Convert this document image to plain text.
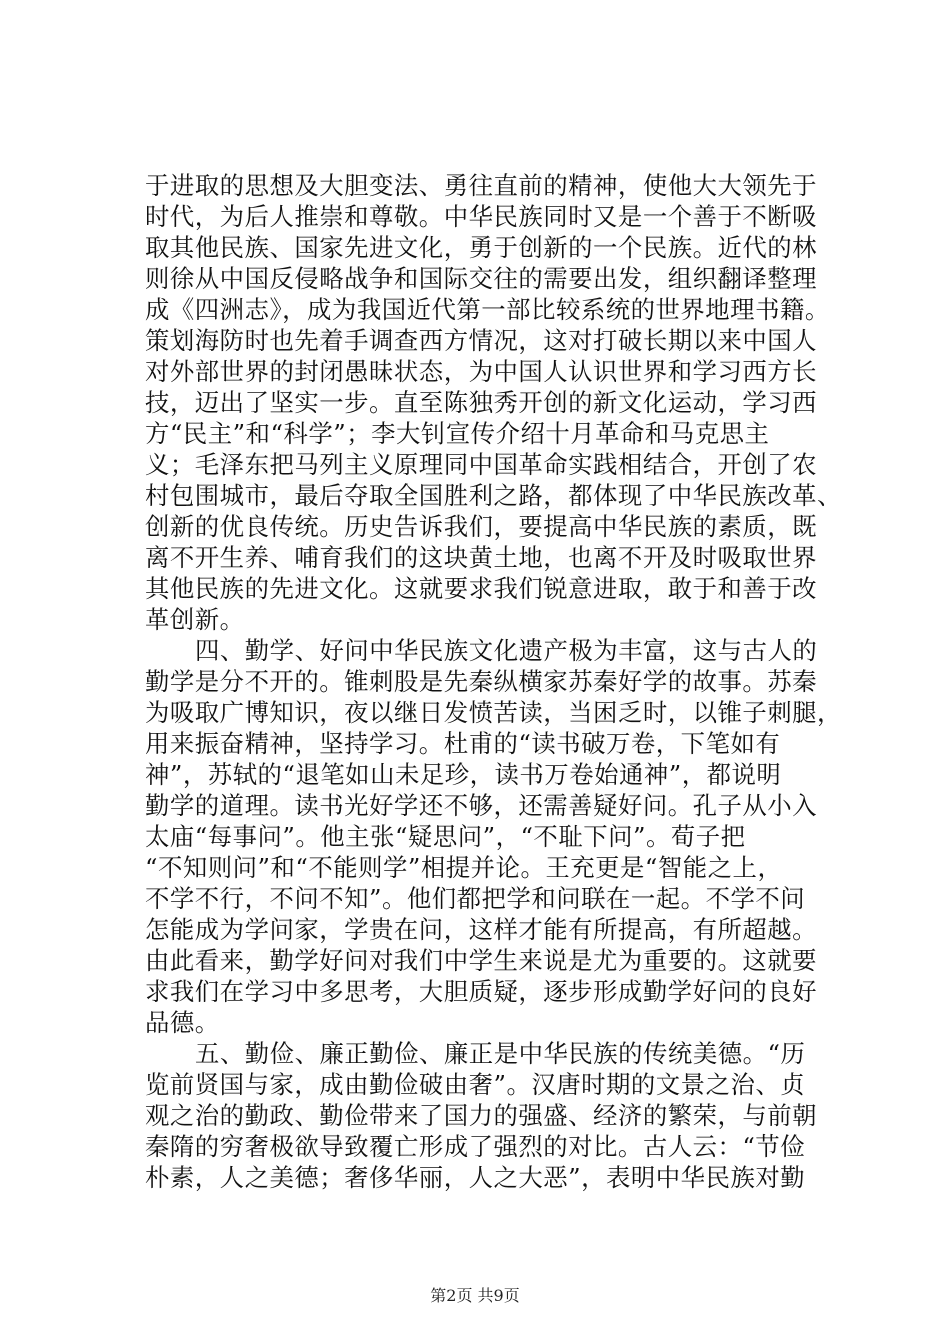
于进取的思想及大胆变法、勇往直前的精神，使他大大领先于
时代，为后人推崇和尊敬。中华民族同时又是一个善于不断吸
取其他民族、国家先进文化，勇于创新的一个民族。近代的林
则徐从中国反侵略战争和国际交往的需要出发，组织翻译整理
成《四洲志》，成为我国近代第一部比较系统的世界地理书籍。
策划海防时也先着手调查西方情况，这对打破长期以来中国人
对外部世界的封闭愚昧状态，为中国人认识世界和学习西方长
技，迈出了坚实一步。直至陈独秀开创的新文化运动，学习西
方“民主”和“科学”；李大钊宣传介绍十月革命和马克思主
义；毛泽东把马列主义原理同中国革命实践相结合，开创了农
村包围城市，最后夺取全国胜利之路，都体现了中华民族改革、
创新的优良传统。历史告诉我们，要提高中华民族的素质，既
离不开生养、哺育我们的这块黄土地，也离不开及时吸取世界
其他民族的先进文化。这就要求我们锐意进取，敢于和善于改
革创新。
四、勤学、好问中华民族文化遗产极为丰富，这与古人的
勤学是分不开的。锥刺股是先秦纵横家苏秦好学的故事。苏秦
为吸取广博知识，夜以继日发愤苦读，当困乏时，以锥子刺腿，
用来振奋精神，坚持学习。杜甫的“读书破万卷，下笔如有
神”，苏轼的“退笔如山未足珍，读书万卷始通神”，都说明
勤学的道理。读书光好学还不够，还需善疑好问。孔子从小入
太庙“每事问”。他主张“疑思问”，“不耻下问”。荀子把
“不知则问”和“不能则学”相提并论。王充更是“智能之上，
不学不行，不问不知”。他们都把学和问联在一起。不学不问
怎能成为学问家，学贵在问，这样才能有所提高，有所超越。
由此看来，勤学好问对我们中学生来说是尤为重要的。这就要
求我们在学习中多思考，大胆质疑，逐步形成勤学好问的良好
品德。
五、勤俭、廉正勤俭、廉正是中华民族的传统美德。“历
览前贤国与家，成由勤俭破由奢”。汉唐时期的文景之治、贞
观之治的勤政、勤俭带来了国力的强盛、经济的繁荣，与前朝
秦隋的穷奢极欲导致覆亡形成了强烈的对比。古人云：“节俭
朴素，人之美德；奢侈华丽，人之大恶”，表明中华民族对勤
第2页 共9页
